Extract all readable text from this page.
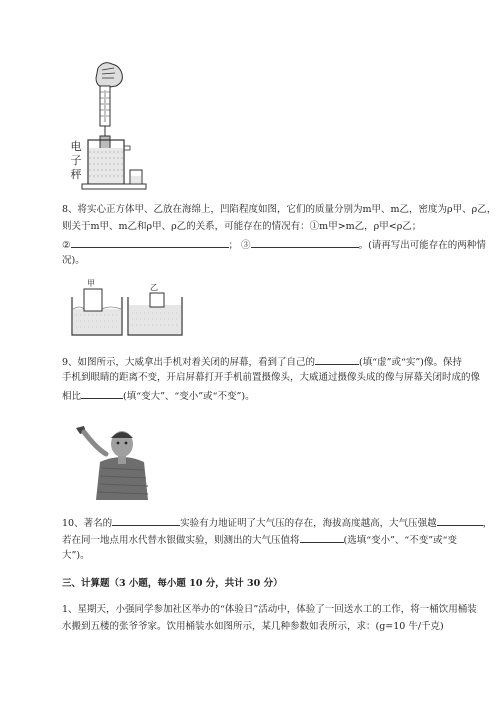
电
子
秤
8、将实心正方体甲、乙放在海绵上，凹陷程度如图，它们的质量分别为m甲、m乙，密度为ρ甲、ρ乙，
则关于m甲、m乙和ρ甲、ρ乙的关系，可能存在的情况有：①m甲>m乙，ρ甲<ρ乙；
②	； ③	。(请再写出可能存在的两种情
况)。
甲	乙
9、如图所示，大威拿出手机对着关闭的屏幕，看到了自己的	(填“虚”或“实”)像。保持
手机到眼睛的距离不变，开启屏幕打开手机前置摄像头，大威通过摄像头成的像与屏幕关闭时成的像
相比	(填“变大”、“变小”或“不变”)。
10、著名的	实验有力地证明了大气压的存在，海拔高度越高，大气压强越	，
若在同一地点用水代替水银做实验，则测出的大气压值将	(选填“变小”、“不变”或“变
大”)。
三、计算题（3 小题，每小题 10 分，共计 30 分）
1、星期天，小强同学参加社区举办的“体验日”活动中，体验了一回送水工的工作，将一桶饮用桶装
水搬到五楼的张爷爷家。饮用桶装水如图所示，某几种参数如表所示，求：(g=10 牛/千克)
